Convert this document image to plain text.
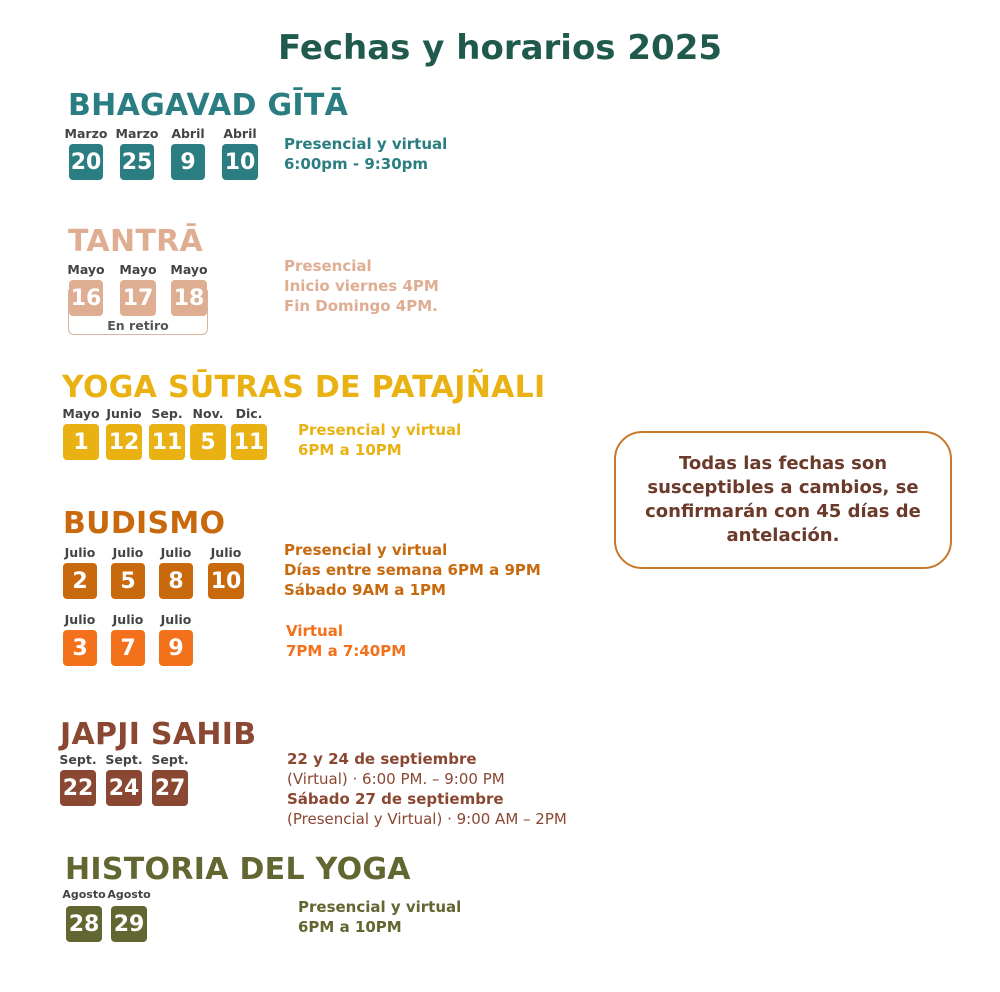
Fechas y horarios 2025
BHAGAVAD GĪTĀ
Marzo
20
Marzo
25
Abril
9
Abril
10
Presencial y virtual
6:00pm - 9:30pm
TANTRĀ
En retiro
Mayo
16
Mayo
17
Mayo
18
Presencial
Inicio viernes 4PM
Fin Domingo 4PM.
YOGA SŪTRAS DE PATAJÑALI
Mayo
1
Junio
12
Sep.
11
Nov.
5
Dic.
11 Presencial y virtual
6PM a 10PM
Todas las fechas son susceptibles a cambios, se confirmarán con 45 días de antelación.
BUDISMO
Julio
2
Julio
5
Julio
8
Julio
10
Presencial y virtual
Días entre semana 6PM a 9PM
Sábado 9AM a 1PM
Julio
3
Julio
7
Julio
9
Virtual
7PM a 7:40PM
JAPJI SAHIB
Sept.
22
Sept.
24
Sept.
27
22 y 24 de septiembre
(Virtual) · 6:00 PM. – 9:00 PM
Sábado 27 de septiembre
(Presencial y Virtual) · 9:00 AM – 2PM
HISTORIA DEL YOGA
Agosto
28
Agosto
29
Presencial y virtual
6PM a 10PM
